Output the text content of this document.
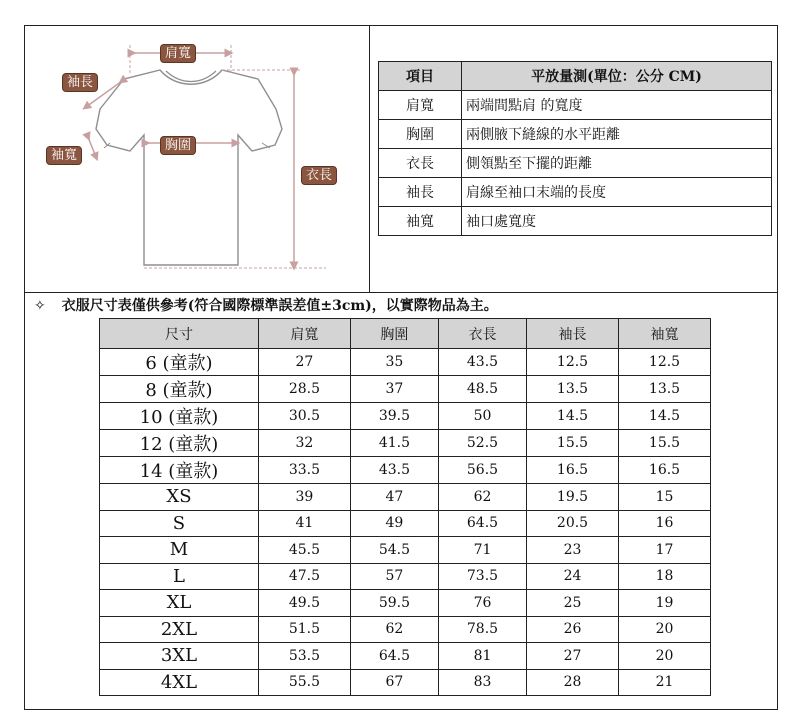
肩寬
袖長
袖寬
胸圍
衣長
項目	平放量測(單位：公分 CM)
肩寬	兩端間點肩 的寬度
胸圍	兩側腋下縫線的水平距離
衣長	側領點至下擺的距離
袖長	肩線至袖口末端的長度
袖寬	袖口處寬度
✧ 衣服尺寸表僅供參考(符合國際標準誤差值±3cm)，以實際物品為主。
尺寸	肩寬	胸圍	衣長	袖長	袖寬
6 (童款)	27	35	43.5	12.5	12.5
8 (童款)	28.5	37	48.5	13.5	13.5
10 (童款)	30.5	39.5	50	14.5	14.5
12 (童款)	32	41.5	52.5	15.5	15.5
14 (童款)	33.5	43.5	56.5	16.5	16.5
XS	39	47	62	19.5	15
S	41	49	64.5	20.5	16
M	45.5	54.5	71	23	17
L	47.5	57	73.5	24	18
XL	49.5	59.5	76	25	19
2XL	51.5	62	78.5	26	20
3XL	53.5	64.5	81	27	20
4XL	55.5	67	83	28	21
